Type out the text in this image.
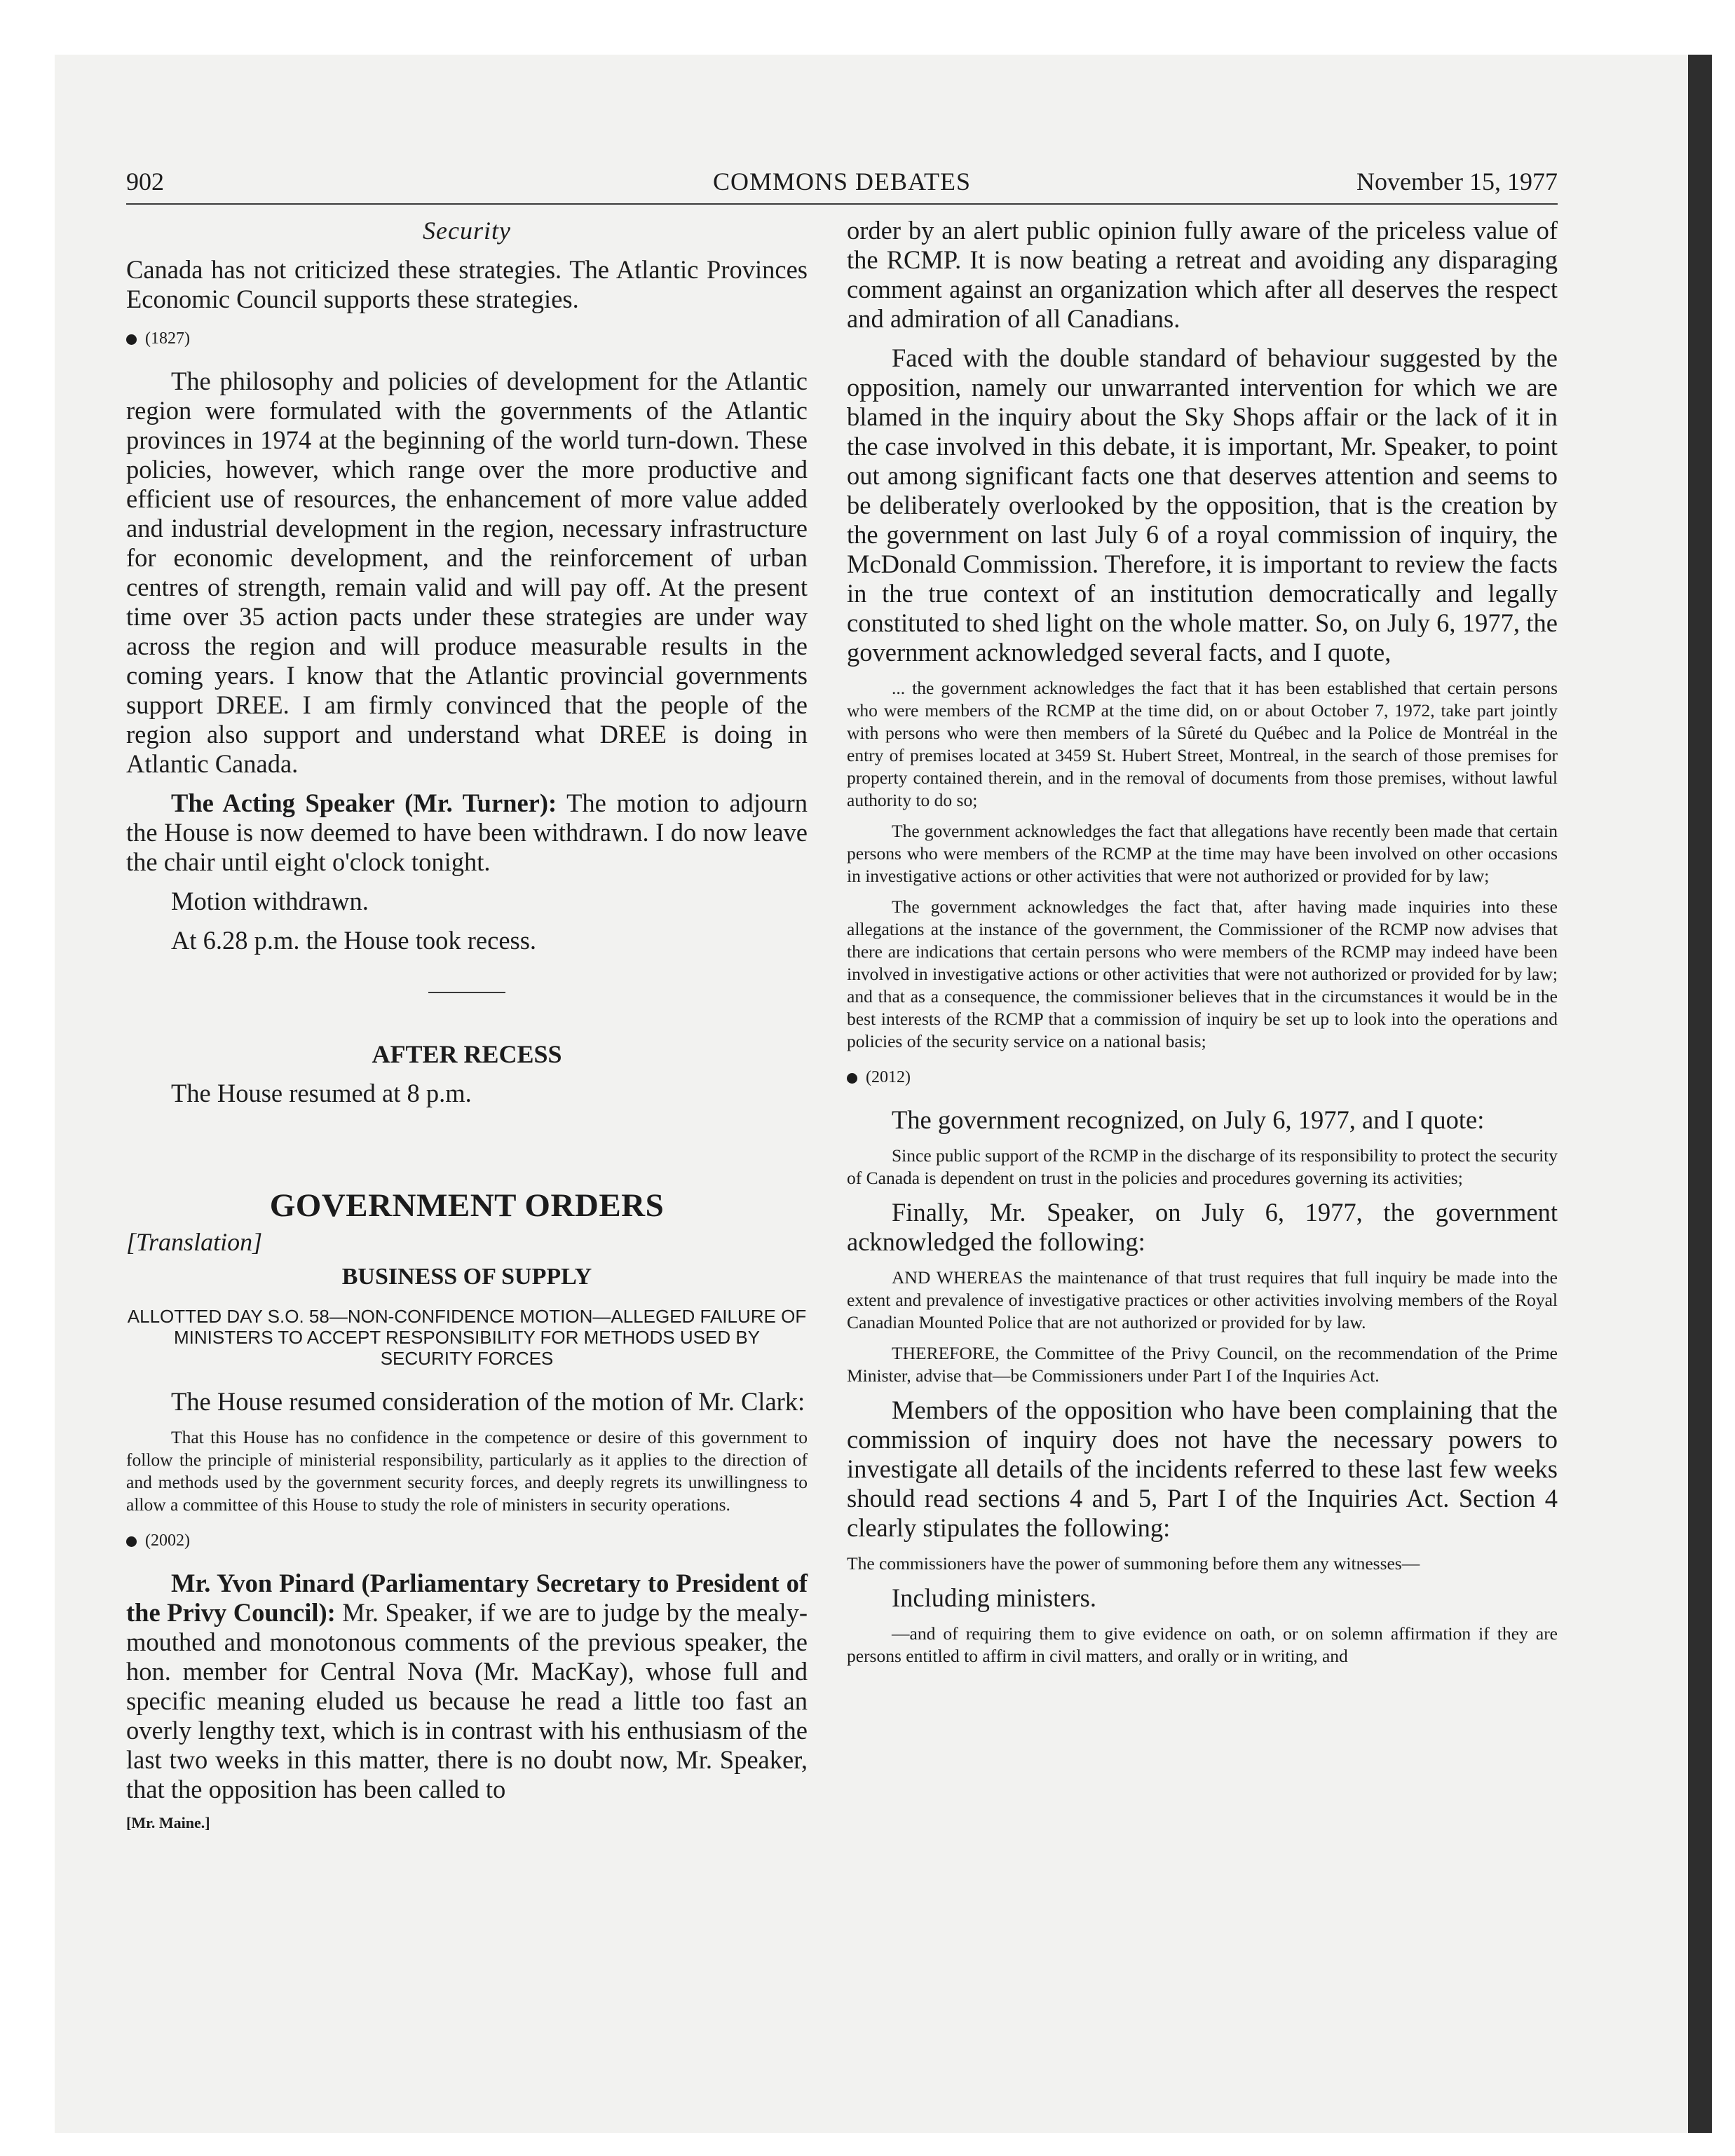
902	COMMONS DEBATES	November 15, 1977

Security

Canada has not criticized these strategies. The Atlantic Provinces Economic Council supports these strategies.

(1827)

The philosophy and policies of development for the Atlantic region were formulated with the governments of the Atlantic provinces in 1974 at the beginning of the world turn-down. These policies, however, which range over the more productive and efficient use of resources, the enhancement of more value added and industrial development in the region, necessary infrastructure for economic development, and the reinforcement of urban centres of strength, remain valid and will pay off. At the present time over 35 action pacts under these strategies are under way across the region and will produce measurable results in the coming years. I know that the Atlantic provincial governments support DREE. I am firmly convinced that the people of the region also support and understand what DREE is doing in Atlantic Canada.

The Acting Speaker (Mr. Turner): The motion to adjourn the House is now deemed to have been withdrawn. I do now leave the chair until eight o'clock tonight.

Motion withdrawn.

At 6.28 p.m. the House took recess.

AFTER RECESS

The House resumed at 8 p.m.

GOVERNMENT ORDERS

[Translation]

BUSINESS OF SUPPLY

ALLOTTED DAY S.O. 58—NON-CONFIDENCE MOTION—ALLEGED FAILURE OF MINISTERS TO ACCEPT RESPONSIBILITY FOR METHODS USED BY SECURITY FORCES

The House resumed consideration of the motion of Mr. Clark:

That this House has no confidence in the competence or desire of this government to follow the principle of ministerial responsibility, particularly as it applies to the direction of and methods used by the government security forces, and deeply regrets its unwillingness to allow a committee of this House to study the role of ministers in security operations.

(2002)

Mr. Yvon Pinard (Parliamentary Secretary to President of the Privy Council): Mr. Speaker, if we are to judge by the mealy-mouthed and monotonous comments of the previous speaker, the hon. member for Central Nova (Mr. MacKay), whose full and specific meaning eluded us because he read a little too fast an overly lengthy text, which is in contrast with his enthusiasm of the last two weeks in this matter, there is no doubt now, Mr. Speaker, that the opposition has been called to

[Mr. Maine.]

order by an alert public opinion fully aware of the priceless value of the RCMP. It is now beating a retreat and avoiding any disparaging comment against an organization which after all deserves the respect and admiration of all Canadians.

Faced with the double standard of behaviour suggested by the opposition, namely our unwarranted intervention for which we are blamed in the inquiry about the Sky Shops affair or the lack of it in the case involved in this debate, it is important, Mr. Speaker, to point out among significant facts one that deserves attention and seems to be deliberately overlooked by the opposition, that is the creation by the government on last July 6 of a royal commission of inquiry, the McDonald Commission. Therefore, it is important to review the facts in the true context of an institution democratically and legally constituted to shed light on the whole matter. So, on July 6, 1977, the government acknowledged several facts, and I quote,

... the government acknowledges the fact that it has been established that certain persons who were members of the RCMP at the time did, on or about October 7, 1972, take part jointly with persons who were then members of la Sûreté du Québec and la Police de Montréal in the entry of premises located at 3459 St. Hubert Street, Montreal, in the search of those premises for property contained therein, and in the removal of documents from those premises, without lawful authority to do so;

The government acknowledges the fact that allegations have recently been made that certain persons who were members of the RCMP at the time may have been involved on other occasions in investigative actions or other activities that were not authorized or provided for by law;

The government acknowledges the fact that, after having made inquiries into these allegations at the instance of the government, the Commissioner of the RCMP now advises that there are indications that certain persons who were members of the RCMP may indeed have been involved in investigative actions or other activities that were not authorized or provided for by law; and that as a consequence, the commissioner believes that in the circumstances it would be in the best interests of the RCMP that a commission of inquiry be set up to look into the operations and policies of the security service on a national basis;

(2012)

The government recognized, on July 6, 1977, and I quote:

Since public support of the RCMP in the discharge of its responsibility to protect the security of Canada is dependent on trust in the policies and procedures governing its activities;

Finally, Mr. Speaker, on July 6, 1977, the government acknowledged the following:

AND WHEREAS the maintenance of that trust requires that full inquiry be made into the extent and prevalence of investigative practices or other activities involving members of the Royal Canadian Mounted Police that are not authorized or provided for by law.

THEREFORE, the Committee of the Privy Council, on the recommendation of the Prime Minister, advise that—be Commissioners under Part I of the Inquiries Act.

Members of the opposition who have been complaining that the commission of inquiry does not have the necessary powers to investigate all details of the incidents referred to these last few weeks should read sections 4 and 5, Part I of the Inquiries Act. Section 4 clearly stipulates the following:

The commissioners have the power of summoning before them any witnesses—

Including ministers.

—and of requiring them to give evidence on oath, or on solemn affirmation if they are persons entitled to affirm in civil matters, and orally or in writing, and
